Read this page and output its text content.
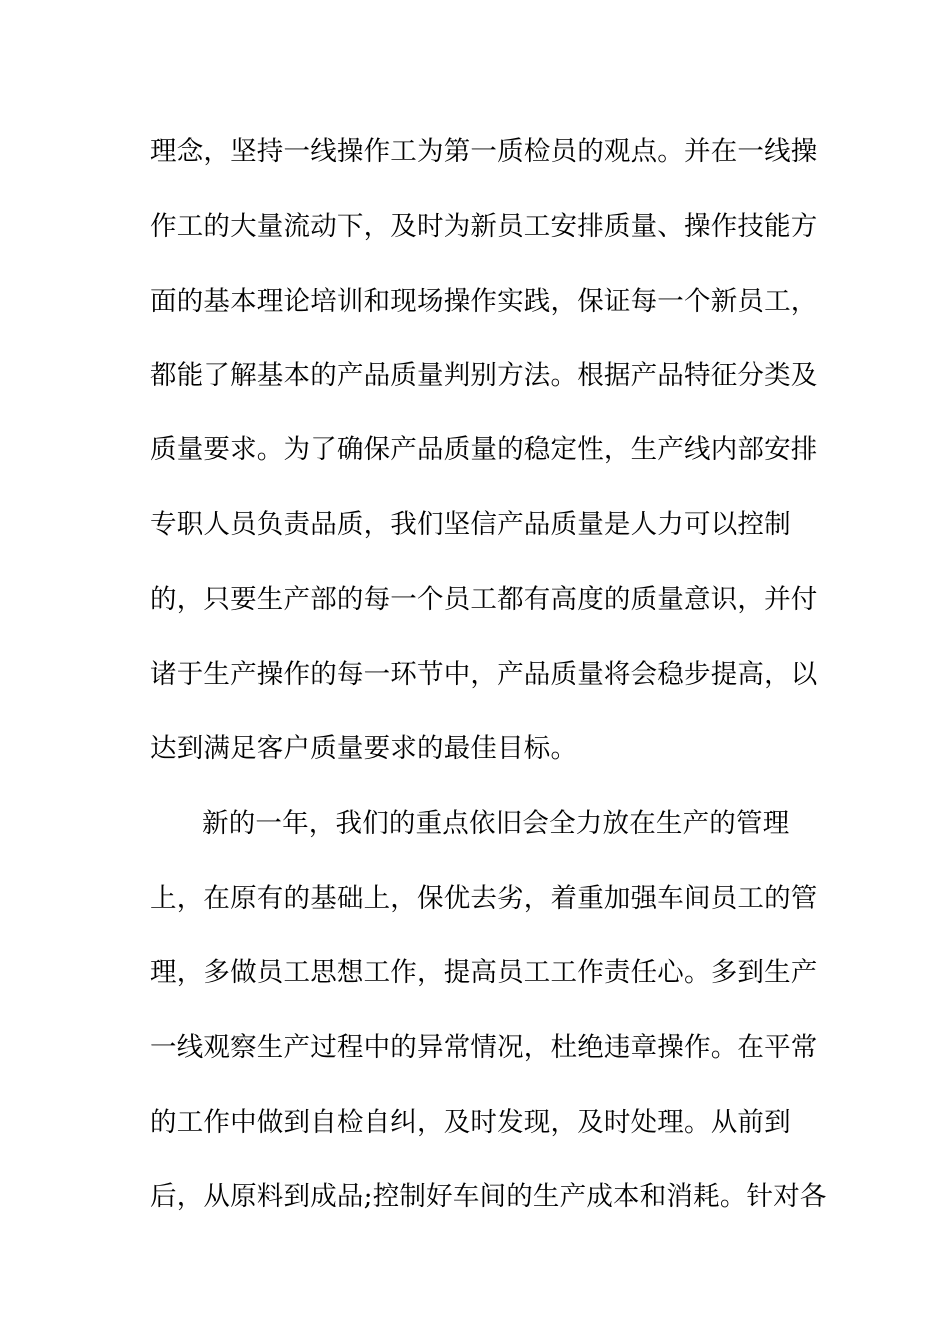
理念，坚持一线操作工为第一质检员的观点。并在一线操
作工的大量流动下，及时为新员工安排质量、操作技能方
面的基本理论培训和现场操作实践，保证每一个新员工，
都能了解基本的产品质量判别方法。根据产品特征分类及
质量要求。为了确保产品质量的稳定性，生产线内部安排
专职人员负责品质，我们坚信产品质量是人力可以控制
的，只要生产部的每一个员工都有高度的质量意识，并付
诸于生产操作的每一环节中，产品质量将会稳步提高，以
达到满足客户质量要求的最佳目标。
新的一年，我们的重点依旧会全力放在生产的管理
上，在原有的基础上，保优去劣，着重加强车间员工的管
理，多做员工思想工作，提高员工工作责任心。多到生产
一线观察生产过程中的异常情况，杜绝违章操作。在平常
的工作中做到自检自纠，及时发现，及时处理。从前到
后，从原料到成品;控制好车间的生产成本和消耗。针对各
